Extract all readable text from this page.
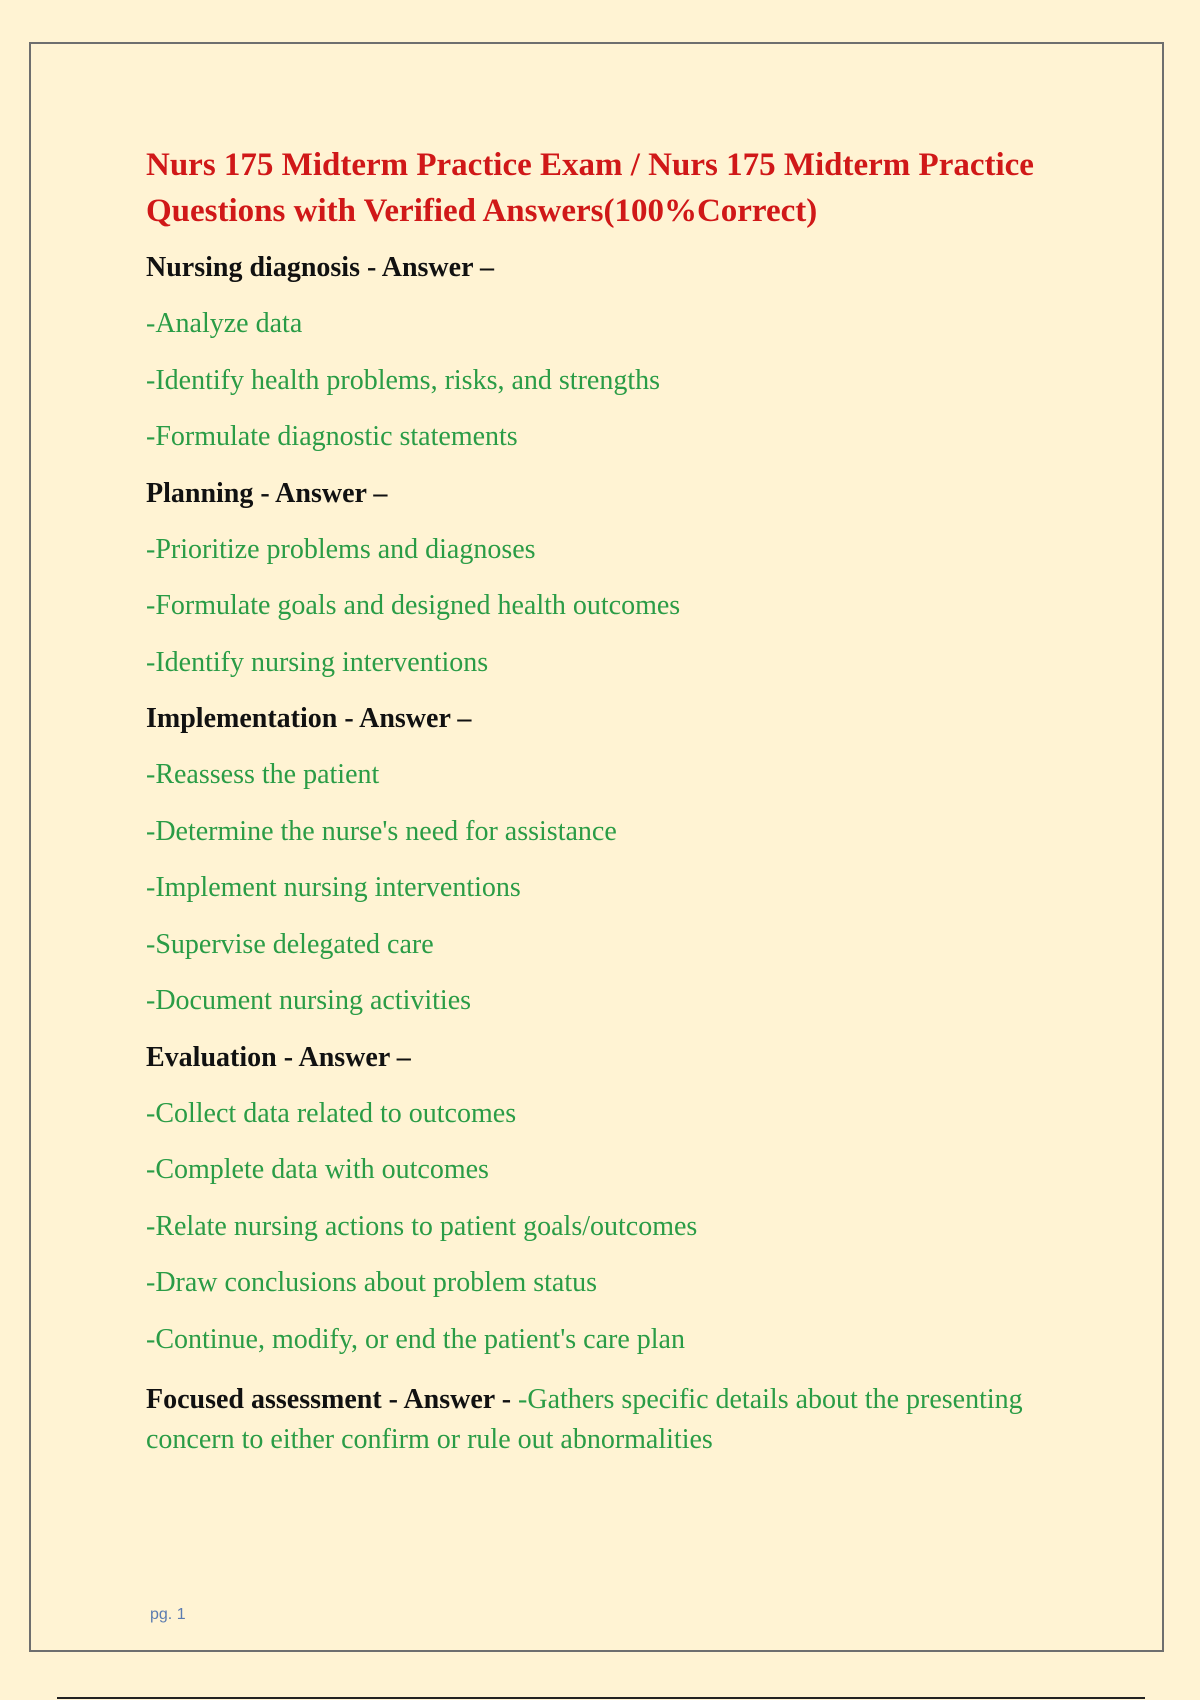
Nurs 175 Midterm Practice Exam / Nurs 175 Midterm Practice Questions with Verified Answers(100%Correct)
Nursing diagnosis - Answer –
-Analyze data
-Identify health problems, risks, and strengths
-Formulate diagnostic statements
Planning - Answer –
-Prioritize problems and diagnoses
-Formulate goals and designed health outcomes
-Identify nursing interventions
Implementation - Answer –
-Reassess the patient
-Determine the nurse's need for assistance
-Implement nursing interventions
-Supervise delegated care
-Document nursing activities
Evaluation - Answer –
-Collect data related to outcomes
-Complete data with outcomes
-Relate nursing actions to patient goals/outcomes
-Draw conclusions about problem status
-Continue, modify, or end the patient's care plan
Focused assessment - Answer - -Gathers specific details about the presenting concern to either confirm or rule out abnormalities
pg. 1
